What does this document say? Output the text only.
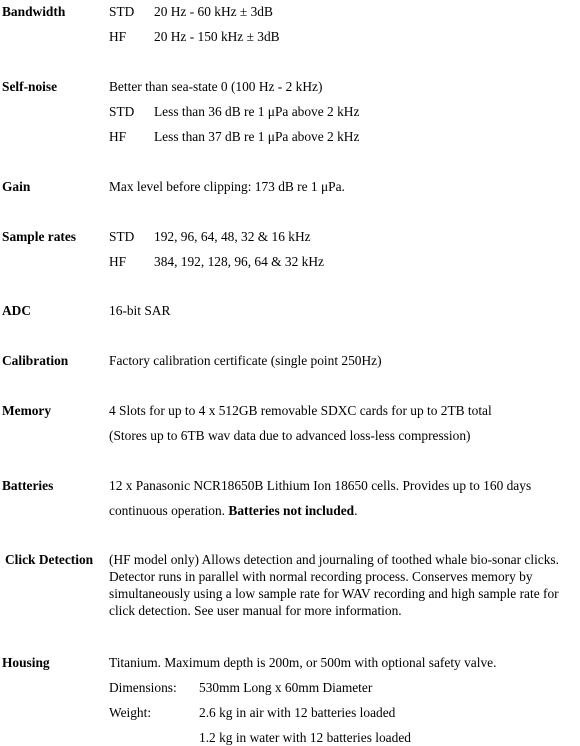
Bandwidth	STD 20 Hz - 60 kHz ± 3dB
HF 20 Hz - 150 kHz ± 3dB
Self-noise	Better than sea-state 0 (100 Hz - 2 kHz)
STD Less than 36 dB re 1 μPa above 2 kHz
HF Less than 37 dB re 1 μPa above 2 kHz
Gain	Max level before clipping: 173 dB re 1 μPa.
Sample rates STD 192, 96, 64, 48, 32 & 16 kHz
HF 384, 192, 128, 96, 64 & 32 kHz
ADC	16-bit SAR
Calibration	Factory calibration certificate (single point 250Hz)
Memory	4 Slots for up to 4 x 512GB removable SDXC cards for up to 2TB total
(Stores up to 6TB wav data due to advanced loss-less compression)
Batteries	12 x Panasonic NCR18650B Lithium Ion 18650 cells. Provides up to 160 days
continuous operation. Batteries not included.
Click Detection (HF model only) Allows detection and journaling of toothed whale bio-sonar clicks.
Detector runs in parallel with normal recording process. Conserves memory by
simultaneously using a low sample rate for WAV recording and high sample rate for
click detection. See user manual for more information.
Housing	Titanium. Maximum depth is 200m, or 500m with optional safety valve.
Dimensions: 530mm Long x 60mm Diameter
Weight:	2.6 kg in air with 12 batteries loaded
1.2 kg in water with 12 batteries loaded
